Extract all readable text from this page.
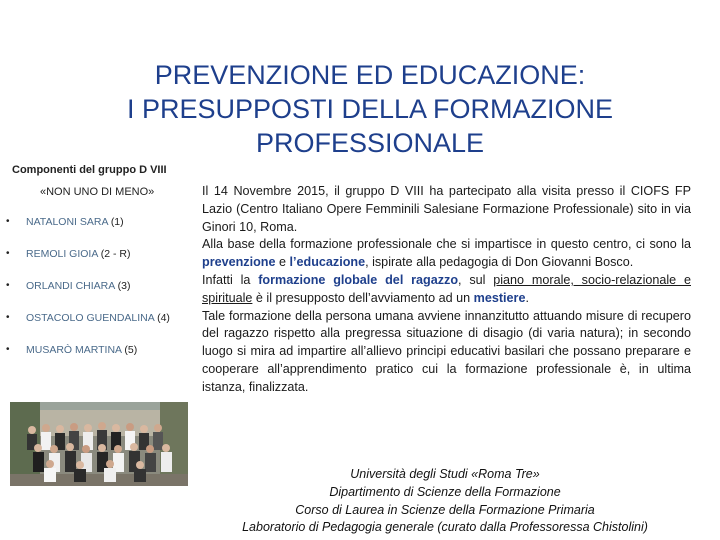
PREVENZIONE ED EDUCAZIONE:
I PRESUPPOSTI DELLA FORMAZIONE
PROFESSIONALE
Componenti del gruppo D VIII
«NON UNO DI MENO»
• NATALONI SARA (1)
• REMOLI GIOIA (2 - R)
• ORLANDI CHIARA (3)
• OSTACOLO GUENDALINA (4)
• MUSARÒ MARTINA (5)

Il 14 Novembre 2015, il gruppo D VIII ha partecipato alla visita presso il CIOFS FP Lazio (Centro Italiano Opere Femminili Salesiane Formazione Professionale) sito in via Ginori 10, Roma.

Alla base della formazione professionale che si impartisce in questo centro, ci sono la prevenzione e l’educazione, ispirate alla pedagogia di Don Giovanni Bosco.

Infatti la formazione globale del ragazzo, sul piano morale, socio-relazionale e spirituale è il presupposto dell’avviamento ad un mestiere.

Tale formazione della persona umana avviene innanzitutto attuando misure di recupero del ragazzo rispetto alla pregressa situazione di disagio (di varia natura); in secondo luogo si mira ad impartire all’allievo principi educativi basilari che possano preparare e cooperare all’apprendimento pratico cui la formazione professionale è, in ultima istanza, finalizzata.

Università degli Studi «Roma Tre»
Dipartimento di Scienze della Formazione
Corso di Laurea in Scienze della Formazione Primaria
Laboratorio di Pedagogia generale (curato dalla Professoressa Chistolini)
